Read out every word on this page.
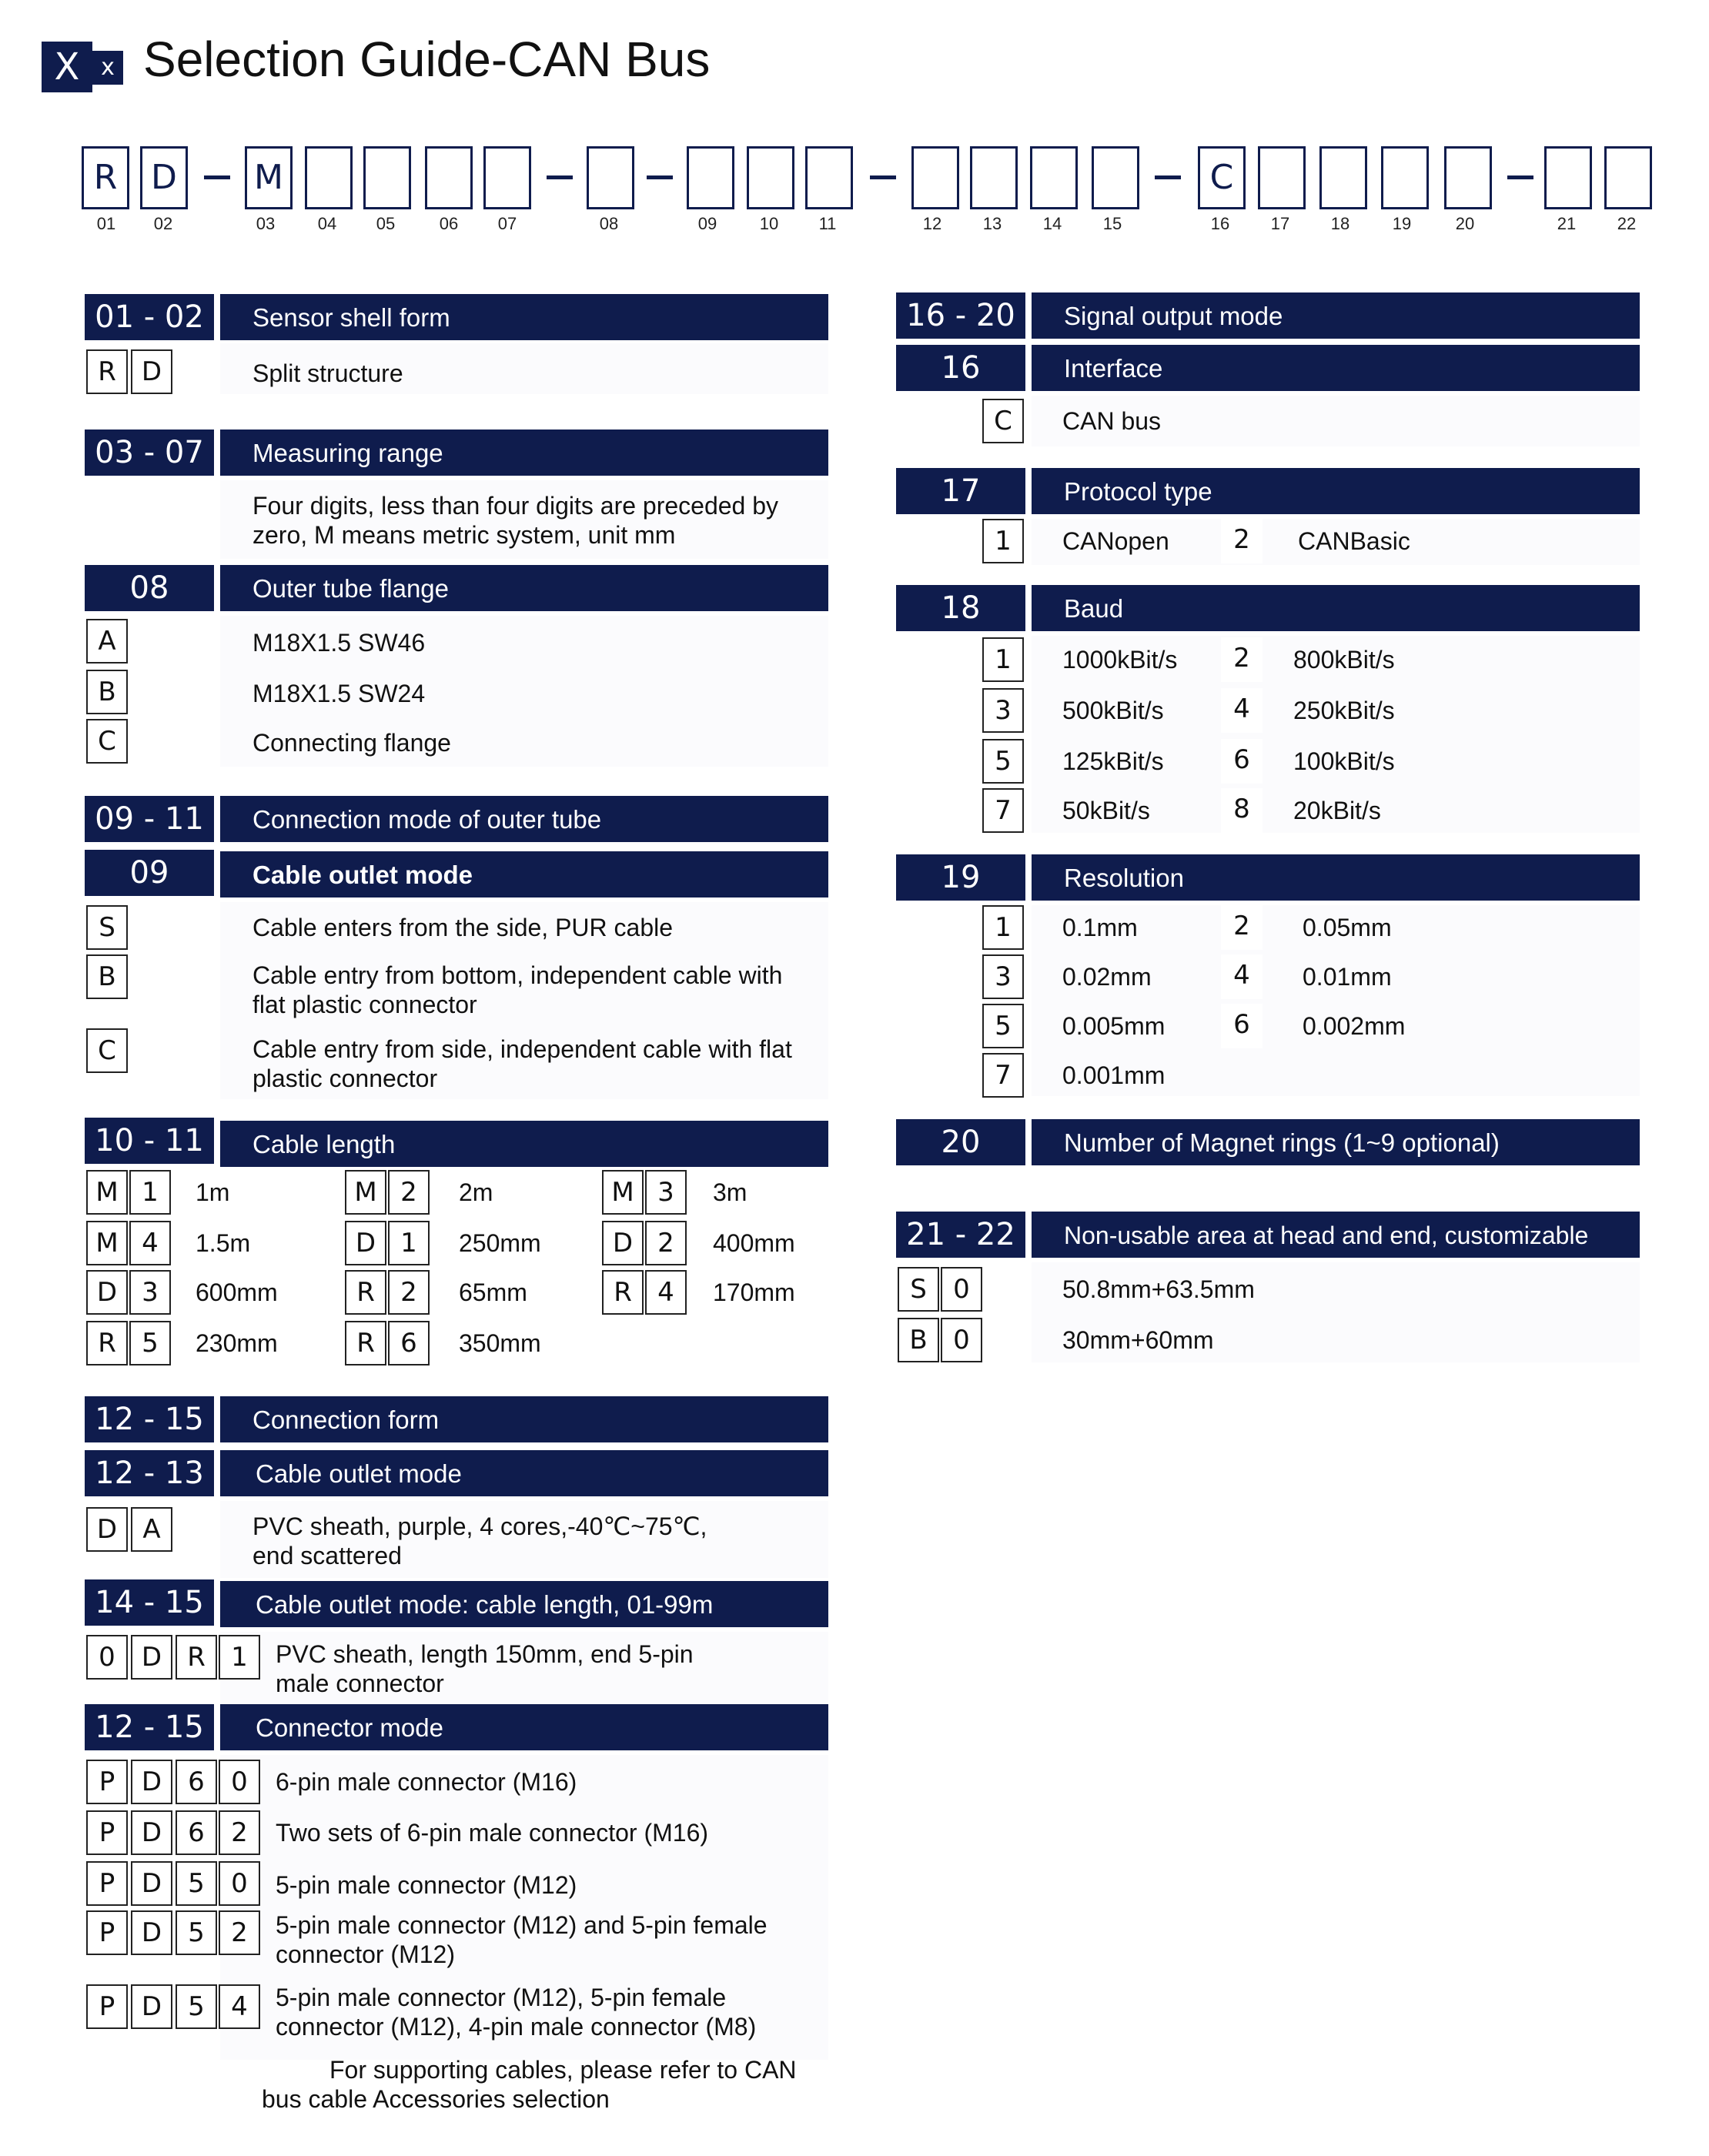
X x Selection Guide-CAN Bus
R D	M	C
01	02	03	04	05	06	07	08	09	10	11	12	13	14	15	16	17	18	19	20	21	22
01 - 02	Sensor shell form
R D	Split structure
03 - 07	Measuring range
Four digits, less than four digits are preceded by
zero, M means metric system, unit mm
08	Outer tube flange
A	M18X1.5 SW46
B	M18X1.5 SW24
C	Connecting flange
09 - 11	Connection mode of outer tube
09	Cable outlet mode
S	Cable enters from the side, PUR cable
B	Cable entry from bottom, independent cable with
flat plastic connector
C	Cable entry from side, independent cable with flat
plastic connector
10 - 11	Cable length
M 1	1m	M 2	2m	M 3	3m
M 4	1.5m	D 1	250mm	D 2	400mm
D 3	600mm	R 2	65mm	R 4	170mm
R 5	230mm	R 6	350mm
12 - 15	Connection form
12 - 13	Cable outlet mode
D A	PVC sheath, purple, 4 cores,-40℃~75℃,
end scattered
14 - 15	Cable outlet mode: cable length, 01-99m
0	D R 1	PVC sheath, length 150mm, end 5-pin
male connector
12 - 15	Connector mode
P	D	6	0	6-pin male connector (M16)
P	D	6	2	Two sets of 6-pin male connector (M16)
P	D	5	0	5-pin male connector (M12)
P	D	5	2	5-pin male connector (M12) and 5-pin female
connector (M12)
P	D	5	4	5-pin male connector (M12), 5-pin female
connector (M12), 4-pin male connector (M8)
For supporting cables, please refer to CAN
bus cable Accessories selection
16 - 20	Signal output mode
16	Interface
C	CAN bus
17	Protocol type
1	CANopen	2	CANBasic
18	Baud
1	1000kBit/s	2	800kBit/s
3	500kBit/s	4	250kBit/s
5	125kBit/s	6	100kBit/s
7	50kBit/s	8	20kBit/s
19	Resolution
1	0.1mm	2	0.05mm
3	0.02mm	4	0.01mm
5	0.005mm	6	0.002mm
7	0.001mm
20	Number of Magnet rings (1~9 optional)
21 - 22	Non-usable area at head and end, customizable
S	0	50.8mm+63.5mm
B 0	30mm+60mm
